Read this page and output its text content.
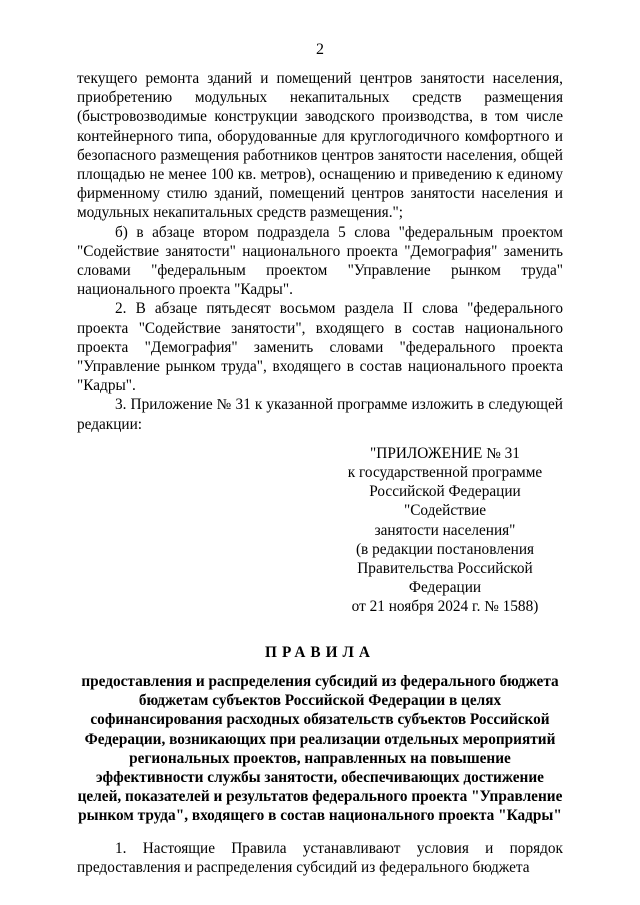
2

текущего ремонта зданий и помещений центров занятости населения, приобретению модульных некапитальных средств размещения (быстровозводимые конструкции заводского производства, в том числе контейнерного типа, оборудованные для круглогодичного комфортного и безопасного размещения работников центров занятости населения, общей площадью не менее 100 кв. метров), оснащению и приведению к единому фирменному стилю зданий, помещений центров занятости населения и модульных некапитальных средств размещения.";

б) в абзаце втором подраздела 5 слова "федеральным проектом "Содействие занятости" национального проекта "Демография" заменить словами "федеральным проектом "Управление рынком труда" национального проекта "Кадры".

2. В абзаце пятьдесят восьмом раздела II слова "федерального проекта "Содействие занятости", входящего в состав национального проекта "Демография" заменить словами "федерального проекта "Управление рынком труда", входящего в состав национального проекта "Кадры".

3. Приложение № 31 к указанной программе изложить в следующей редакции:

"ПРИЛОЖЕНИЕ № 31
к государственной программе
Российской Федерации "Содействие
занятости населения"
(в редакции постановления
Правительства Российской Федерации
от 21 ноября 2024 г. № 1588)
ПРАВИЛА
предоставления и распределения субсидий из федерального бюджета бюджетам субъектов Российской Федерации в целях софинансирования расходных обязательств субъектов Российской Федерации, возникающих при реализации отдельных мероприятий региональных проектов, направленных на повышение эффективности службы занятости, обеспечивающих достижение целей, показателей и результатов федерального проекта "Управление рынком труда", входящего в состав национального проекта "Кадры"

1. Настоящие Правила устанавливают условия и порядок предоставления и распределения субсидий из федерального бюджета
